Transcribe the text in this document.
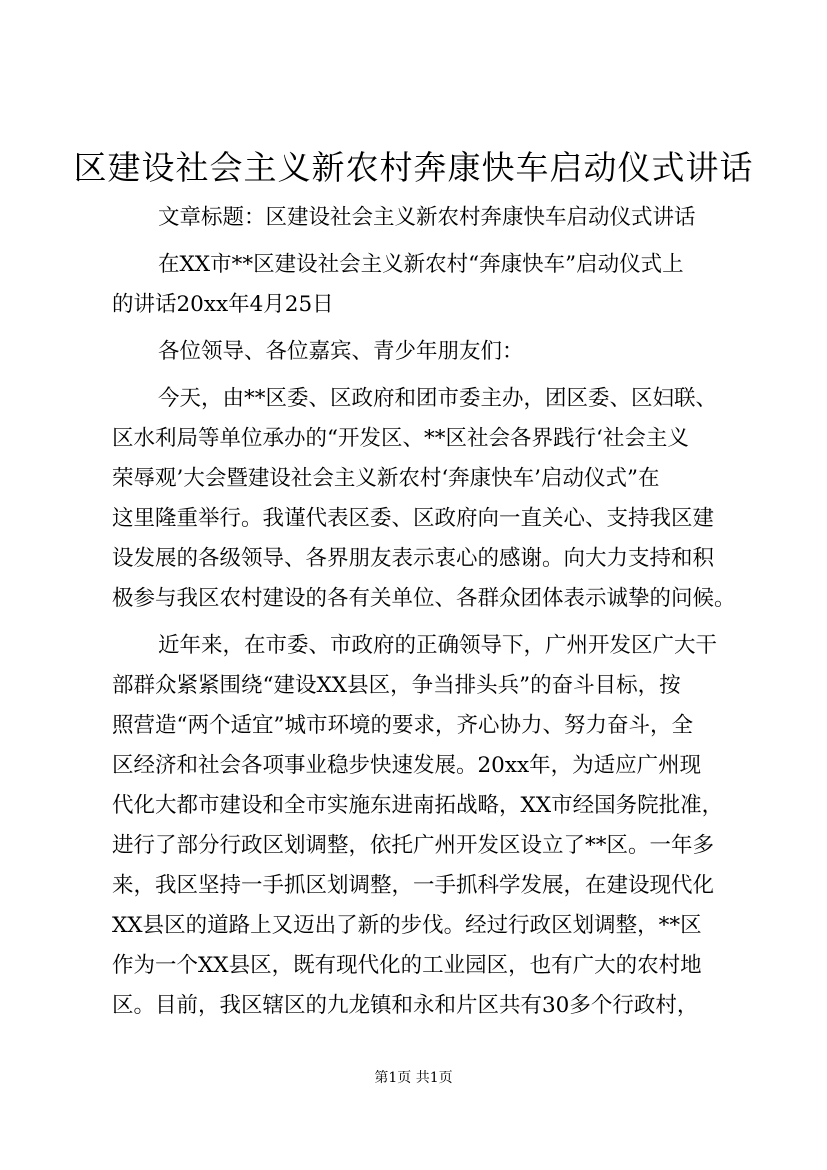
区建设社会主义新农村奔康快车启动仪式讲话
文章标题：区建设社会主义新农村奔康快车启动仪式讲话
在XX市**区建设社会主义新农村“奔康快车”启动仪式上
的讲话20xx年4月25日
各位领导、各位嘉宾、青少年朋友们：
今天，由**区委、区政府和团市委主办，团区委、区妇联、
区水利局等单位承办的“开发区、**区社会各界践行‘社会主义
荣辱观’大会暨建设社会主义新农村‘奔康快车’启动仪式”在
这里隆重举行。我谨代表区委、区政府向一直关心、支持我区建
设发展的各级领导、各界朋友表示衷心的感谢。向大力支持和积
极参与我区农村建设的各有关单位、各群众团体表示诚挚的问候。
近年来，在市委、市政府的正确领导下，广州开发区广大干
部群众紧紧围绕“建设XX县区，争当排头兵”的奋斗目标，按
照营造“两个适宜”城市环境的要求，齐心协力、努力奋斗，全
区经济和社会各项事业稳步快速发展。20xx年，为适应广州现
代化大都市建设和全市实施东进南拓战略，XX市经国务院批准，
进行了部分行政区划调整，依托广州开发区设立了**区。一年多
来，我区坚持一手抓区划调整，一手抓科学发展，在建设现代化
XX县区的道路上又迈出了新的步伐。经过行政区划调整，**区
作为一个XX县区，既有现代化的工业园区，也有广大的农村地
区。目前，我区辖区的九龙镇和永和片区共有30多个行政村，
第1页 共1页
